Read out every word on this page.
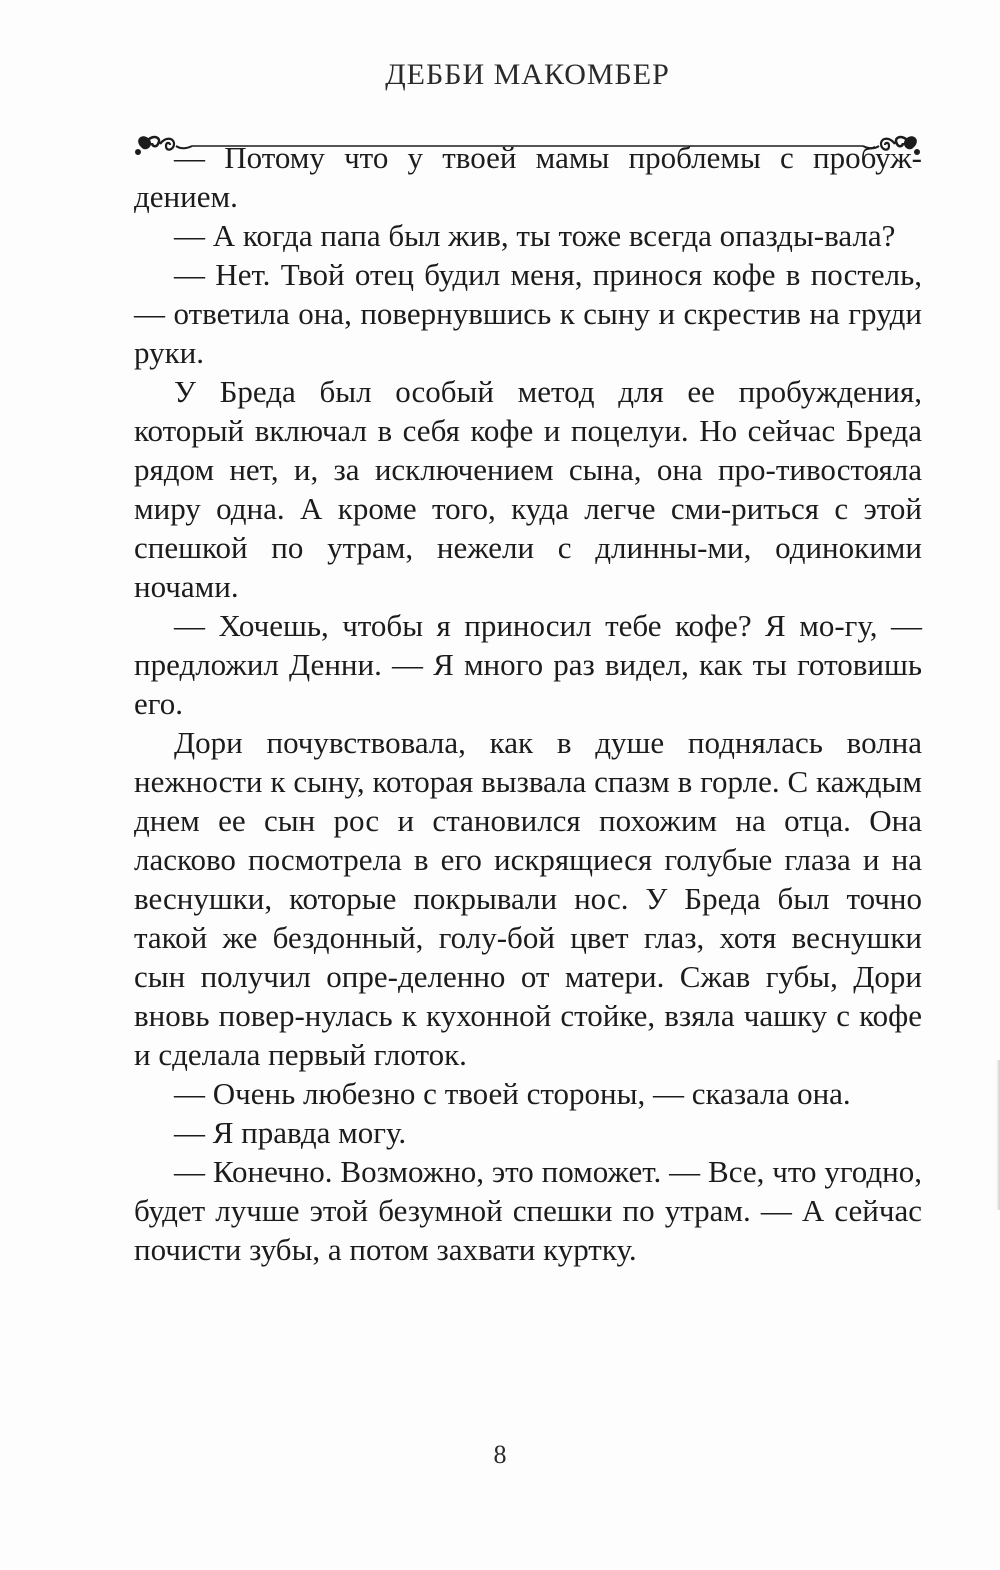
ДЕББИ МАКОМБЕР

— Потому что у твоей мамы проблемы с пробуж-дением.

— А когда папа был жив, ты тоже всегда опазды-вала?

— Нет. Твой отец будил меня, принося кофе в постель, — ответила она, повернувшись к сыну и скрестив на груди руки.

У Бреда был особый метод для ее пробуждения, который включал в себя кофе и поцелуи. Но сейчас Бреда рядом нет, и, за исключением сына, она про-тивостояла миру одна. А кроме того, куда легче сми-риться с этой спешкой по утрам, нежели с длинны-ми, одинокими ночами.

— Хочешь, чтобы я приносил тебе кофе? Я мо-гу, — предложил Денни. — Я много раз видел, как ты готовишь его.

Дори почувствовала, как в душе поднялась волна нежности к сыну, которая вызвала спазм в горле. С каждым днем ее сын рос и становился похожим на отца. Она ласково посмотрела в его искрящиеся голубые глаза и на веснушки, которые покрывали нос. У Бреда был точно такой же бездонный, голу-бой цвет глаз, хотя веснушки сын получил опре-деленно от матери. Сжав губы, Дори вновь повер-нулась к кухонной стойке, взяла чашку с кофе и сделала первый глоток.

— Очень любезно с твоей стороны, — сказала она.

— Я правда могу.

— Конечно. Возможно, это поможет. — Все, что угодно, будет лучше этой безумной спешки по утрам. — А сейчас почисти зубы, а потом захвати куртку.

8
